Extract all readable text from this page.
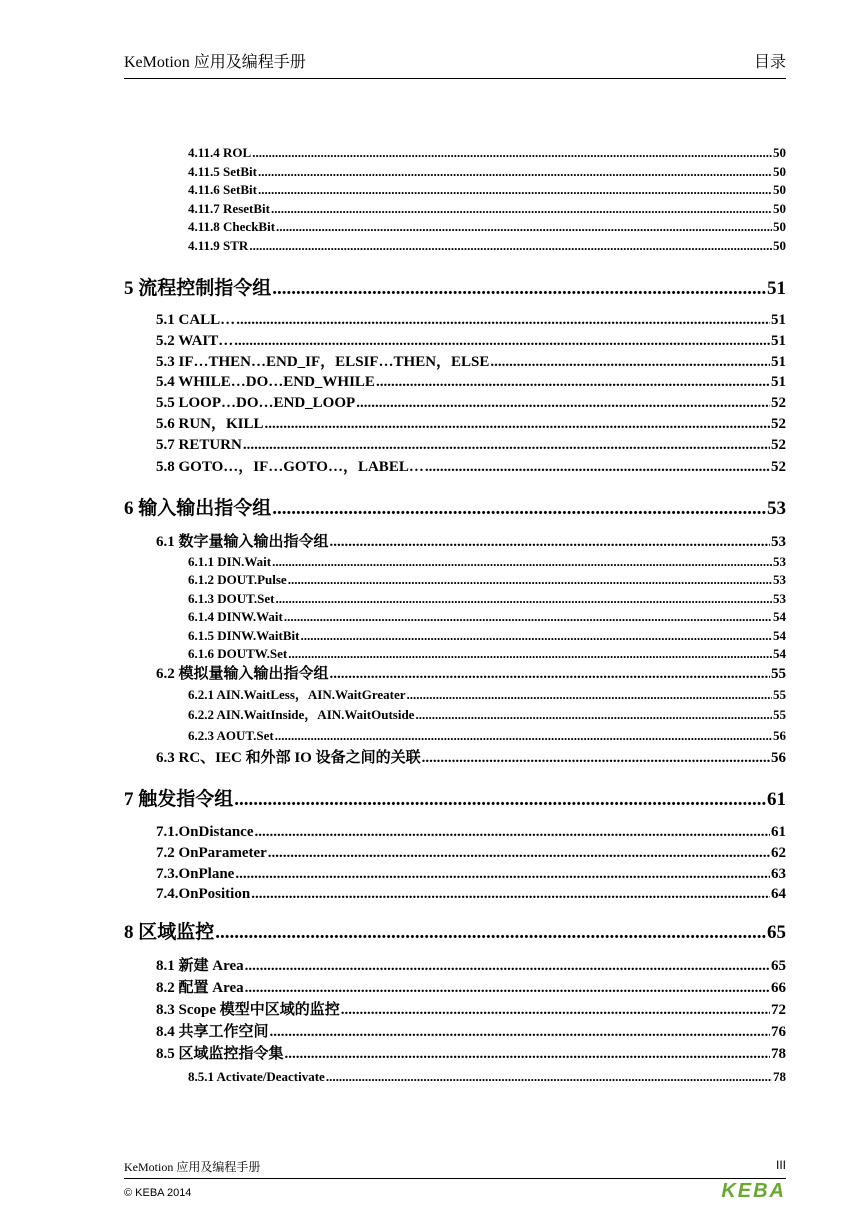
KeMotion 应用及编程手册	目录
4.11.4 ROL .....	50
4.11.5 SetBit .....	50
4.11.6 SetBit .....	50
4.11.7 ResetBit .....	50
4.11.8 CheckBit .....	50
4.11.9 STR .....	50
5 流程控制指令组 .....	51
5.1 CALL… .....	51
5.2 WAIT… .....	51
5.3 IF…THEN…END_IF，ELSIF…THEN，ELSE .....	51
5.4 WHILE…DO…END_WHILE .....	51
5.5 LOOP…DO…END_LOOP .....	52
5.6 RUN，KILL .....	52
5.7 RETURN .....	52
5.8 GOTO…，IF…GOTO…，LABEL… .....	52
6 输入输出指令组 .....	53
6.1 数字量输入输出指令组 .....	53
6.1.1 DIN.Wait .....	53
6.1.2 DOUT.Pulse .....	53
6.1.3 DOUT.Set .....	53
6.1.4 DINW.Wait .....	54
6.1.5 DINW.WaitBit .....	54
6.1.6 DOUTW.Set .....	54
6.2 模拟量输入输出指令组 .....	55
6.2.1 AIN.WaitLess，AIN.WaitGreater .....	55
6.2.2 AIN.WaitInside，AIN.WaitOutside .....	55
6.2.3 AOUT.Set .....	56
6.3 RC、IEC 和外部 IO 设备之间的关联 .....	56
7 触发指令组 .....	61
7.1.OnDistance .....	61
7.2 OnParameter .....	62
7.3.OnPlane .....	63
7.4.OnPosition .....	64
8 区域监控 .....	65
8.1 新建 Area .....	65
8.2 配置 Area .....	66
8.3 Scope 模型中区域的监控 .....	72
8.4 共享工作空间 .....	76
8.5 区域监控指令集 .....	78
8.5.1 Activate/Deactivate .....	78
KeMotion 应用及编程手册	III
© KEBA 2014	KEBA
